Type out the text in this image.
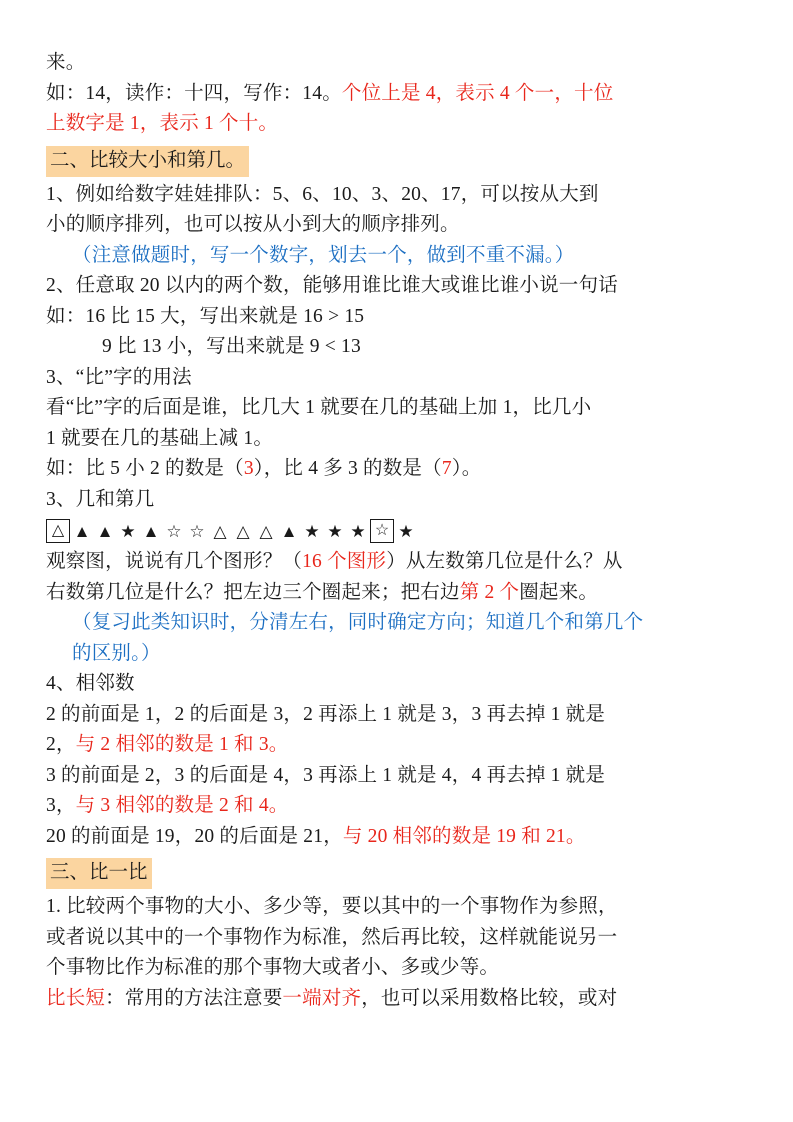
来。

如：14，读作：十四，写作：14。个位上是 4，表示 4 个一，十位

上数字是 1，表示 1 个十。

二、比较大小和第几。

1、例如给数字娃娃排队：5、6、10、3、20、17，可以按从大到

小的顺序排列，也可以按从小到大的顺序排列。

（注意做题时，写一个数字，划去一个，做到不重不漏。）

2、任意取 20 以内的两个数，能够用谁比谁大或谁比谁小说一句话

如：16 比 15 大，写出来就是 16 > 15

9 比 13 小，写出来就是 9 < 13

3、“比”字的用法

看“比”字的后面是谁，比几大 1 就要在几的基础上加 1，比几小

1 就要在几的基础上减 1。

如：比 5 小 2 的数是（3），比 4 多 3 的数是（7）。

3、几和第几

△ ▲ ▲ ★ ▲ ☆ ☆ △ △ △ ▲ ★ ★ ★ ☆ ★

观察图，说说有几个图形？（16 个图形）从左数第几位是什么？从

右数第几位是什么？把左边三个圈起来；把右边第 2 个圈起来。

（复习此类知识时，分清左右，同时确定方向；知道几个和第几个

的区别。）

4、相邻数

2 的前面是 1，2 的后面是 3，2 再添上 1 就是 3，3 再去掉 1 就是

2，与 2 相邻的数是 1 和 3。

3 的前面是 2，3 的后面是 4，3 再添上 1 就是 4，4 再去掉 1 就是

3，与 3 相邻的数是 2 和 4。

20 的前面是 19，20 的后面是 21，与 20 相邻的数是 19 和 21。

三、比一比

1. 比较两个事物的大小、多少等，要以其中的一个事物作为参照，

或者说以其中的一个事物作为标准，然后再比较，这样就能说另一

个事物比作为标准的那个事物大或者小、多或少等。

比长短：常用的方法注意要一端对齐，也可以采用数格比较，或对
